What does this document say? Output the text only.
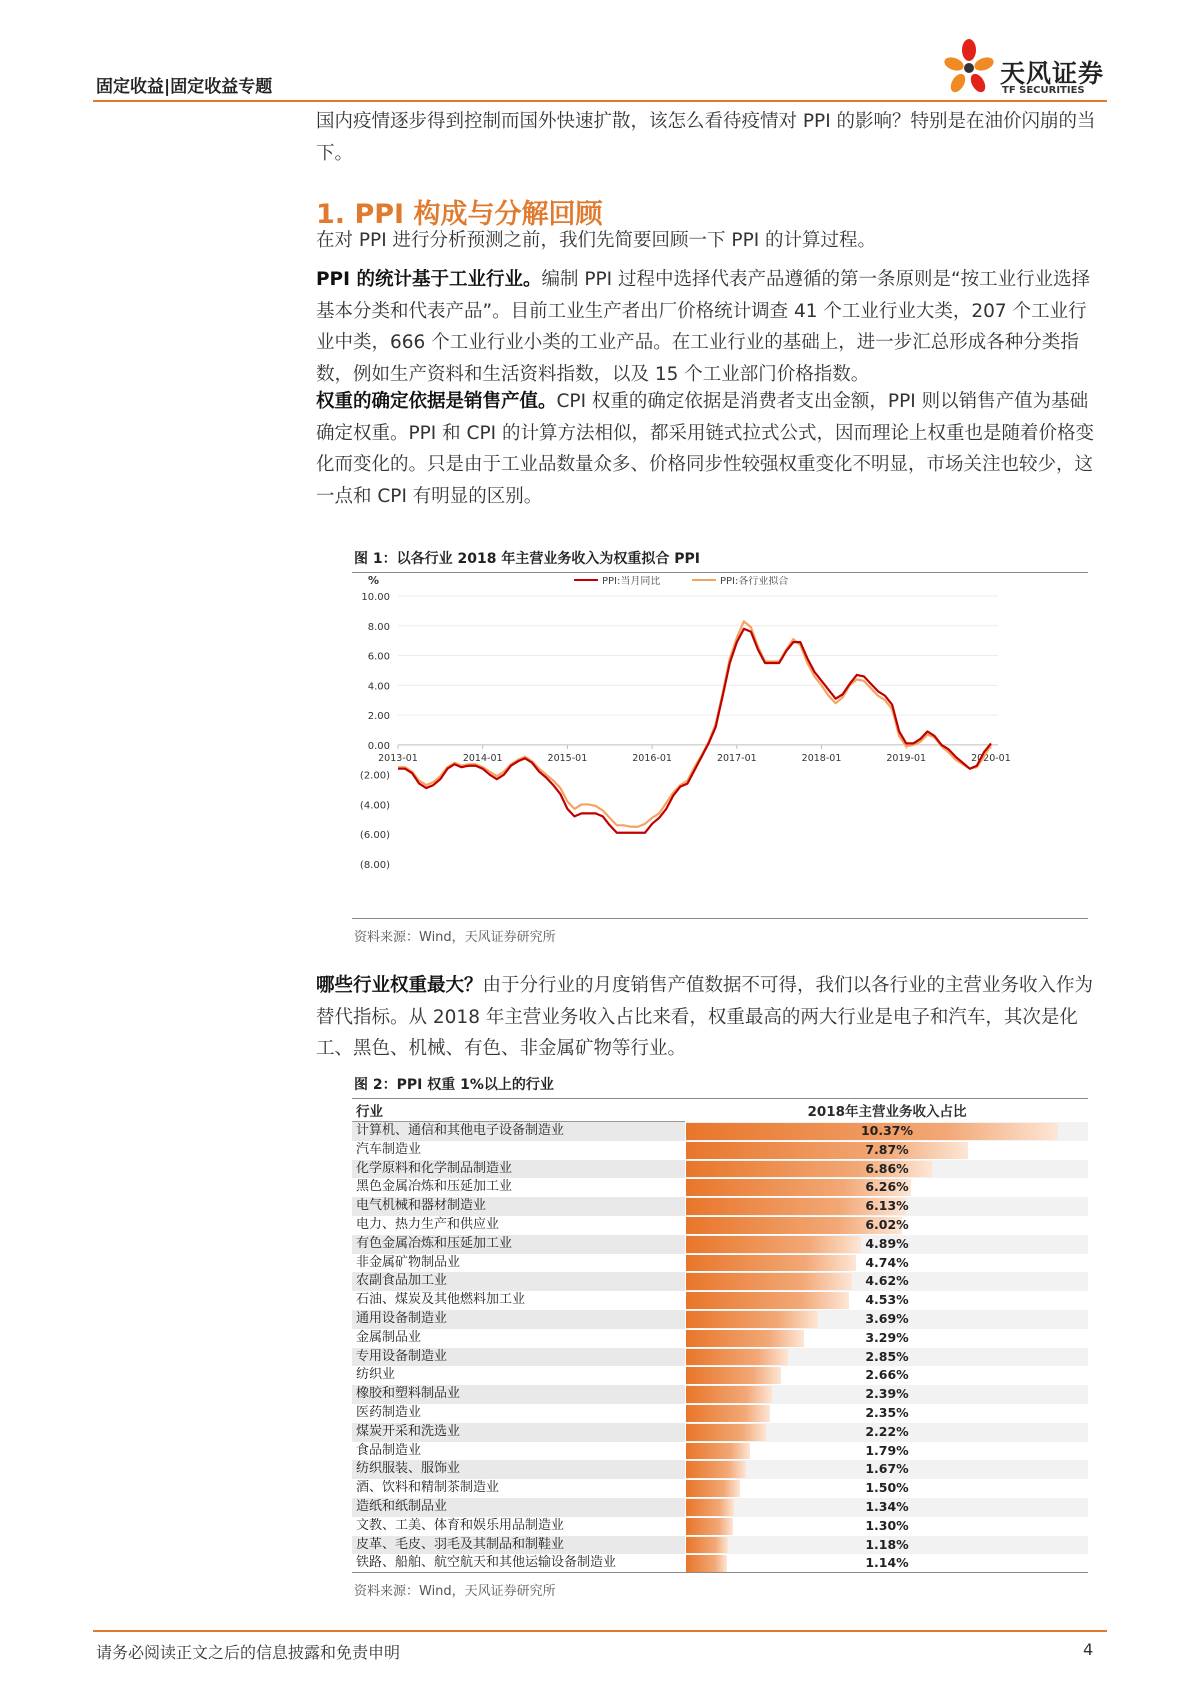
固定收益|固定收益专题	天风证券
TF SECURITIES

国内疫情逐步得到控制而国外快速扩散，该怎么看待疫情对 PPI 的影响？特别是在油价闪崩的当下。

1. PPI 构成与分解回顾

在对 PPI 进行分析预测之前，我们先简要回顾一下 PPI 的计算过程。

PPI 的统计基于工业行业。编制 PPI 过程中选择代表产品遵循的第一条原则是“按工业行业选择基本分类和代表产品”。目前工业生产者出厂价格统计调查 41 个工业行业大类，207 个工业行业中类，666 个工业行业小类的工业产品。在工业行业的基础上，进一步汇总形成各种分类指数，例如生产资料和生活资料指数，以及 15 个工业部门价格指数。

权重的确定依据是销售产值。CPI 权重的确定依据是消费者支出金额，PPI 则以销售产值为基础确定权重。PPI 和 CPI 的计算方法相似，都采用链式拉式公式，因而理论上权重也是随着价格变化而变化的。只是由于工业品数量众多、价格同步性较强权重变化不明显，市场关注也较少，这一点和 CPI 有明显的区别。

图 1：以各行业 2018 年主营业务收入为权重拟合 PPI
10.00
8.00
6.00
4.00
2.00
0.00
(2.00)
(4.00)
(6.00)
(8.00)
2013-01	2014-01	2015-01	2016-01	2017-01	2018-01	2019-01	2020-01
%	PPI:当月同比	PPI:各行业拟合
资料来源：Wind，天风证券研究所

哪些行业权重最大？由于分行业的月度销售产值数据不可得，我们以各行业的主营业务收入作为替代指标。从 2018 年主营业务收入占比来看，权重最高的两大行业是电子和汽车，其次是化工、黑色、机械、有色、非金属矿物等行业。

图 2：PPI 权重 1%以上的行业
行业	2018年主营业务收入占比
计算机、通信和其他电子设备制造业	10.37%
汽车制造业	7.87%
化学原料和化学制品制造业	6.86%
黑色金属冶炼和压延加工业	6.26%
电气机械和器材制造业	6.13%
电力、热力生产和供应业	6.02%
有色金属冶炼和压延加工业	4.89%
非金属矿物制品业	4.74%
农副食品加工业	4.62%
石油、煤炭及其他燃料加工业	4.53%
通用设备制造业	3.69%
金属制品业	3.29%
专用设备制造业	2.85%
纺织业	2.66%
橡胶和塑料制品业	2.39%
医药制造业	2.35%
煤炭开采和洗选业	2.22%
食品制造业	1.79%
纺织服装、服饰业	1.67%
酒、饮料和精制茶制造业	1.50%
造纸和纸制品业	1.34%
文教、工美、体育和娱乐用品制造业	1.30%
皮革、毛皮、羽毛及其制品和制鞋业	1.18%
铁路、船舶、航空航天和其他运输设备制造业	1.14%
资料来源：Wind，天风证券研究所
请务必阅读正文之后的信息披露和免责申明	4
